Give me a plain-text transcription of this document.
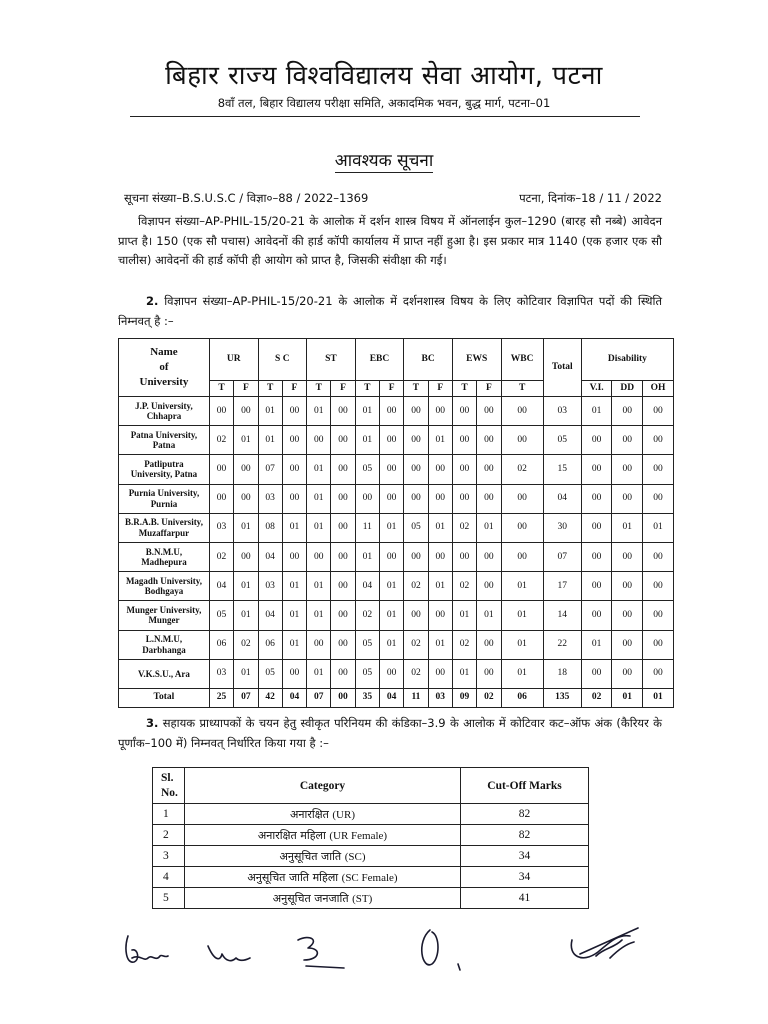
बिहार राज्य विश्वविद्यालय सेवा आयोग, पटना
8वाँ तल, बिहार विद्यालय परीक्षा समिति, अकादमिक भवन, बुद्ध मार्ग, पटना–01
आवश्यक सूचना
सूचना संख्या–B.S.U.S.C / विज्ञा०–88 / 2022–1369	पटना, दिनांक–18 / 11 / 2022

विज्ञापन संख्या–AP-PHIL-15/20-21 के आलोक में दर्शन शास्त्र विषय में ऑनलाईन कुल–1290 (बारह सौ नब्बे) आवेदन प्राप्त है। 150 (एक सौ पचास) आवेदनों की हार्ड कॉपी कार्यालय में प्राप्त नहीं हुआ है। इस प्रकार मात्र 1140 (एक हजार एक सौ चालीस) आवेदनों की हार्ड कॉपी ही आयोग को प्राप्त है, जिसकी संवीक्षा की गई।

2. विज्ञापन संख्या–AP-PHIL-15/20-21 के आलोक में दर्शनशास्त्र विषय के लिए कोटिवार विज्ञापित पदों की स्थिति निम्नवत् है :–

Name
of
University	UR		S C		ST		EBC		BC		EWS		WBC	Total	Disability		
	T	F	T	F	T	F	T	F	T	F	T	F	T		V.I.	DD	OH
J.P. University,
Chhapra	00	00	01	00	01	00	01	00	00	00	00	00	00	03	01	00	00
Patna University,
Patna	02	01	01	00	00	00	01	00	00	01	00	00	00	05	00	00	00
Patliputra
University, Patna	00	00	07	00	01	00	05	00	00	00	00	00	02	15	00	00	00
Purnia University,
Purnia	00	00	03	00	01	00	00	00	00	00	00	00	00	04	00	00	00
B.R.A.B. University,
Muzaffarpur	03	01	08	01	01	00	11	01	05	01	02	01	00	30	00	01	01
B.N.M.U,
Madhepura	02	00	04	00	00	00	01	00	00	00	00	00	00	07	00	00	00
Magadh University,
Bodhgaya	04	01	03	01	01	00	04	01	02	01	02	00	01	17	00	00	00
Munger University,
Munger	05	01	04	01	01	00	02	01	00	00	01	01	01	14	00	00	00
L.N.M.U,
Darbhanga	06	02	06	01	00	00	05	01	02	01	02	00	01	22	01	00	00
V.K.S.U., Ara	03	01	05	00	01	00	05	00	02	00	01	00	01	18	00	00	00
Total	25	07	42	04	07	00	35	04	11	03	09	02	06	135	02	01	01

3. सहायक प्राध्यापकों के चयन हेतु स्वीकृत परिनियम की कंडिका–3.9 के आलोक में कोटिवार कट–ऑफ अंक (कैरियर के पूर्णांक–100 में) निम्नवत् निर्धारित किया गया है :–

Sl.
No.	Category	Cut-Off Marks
1	अनारक्षित (UR)	82
2	अनारक्षित महिला (UR Female)	82
3	अनुसूचित जाति (SC)	34
4	अनुसूचित जाति महिला (SC Female)	34
5	अनुसूचित जनजाति (ST)	41
